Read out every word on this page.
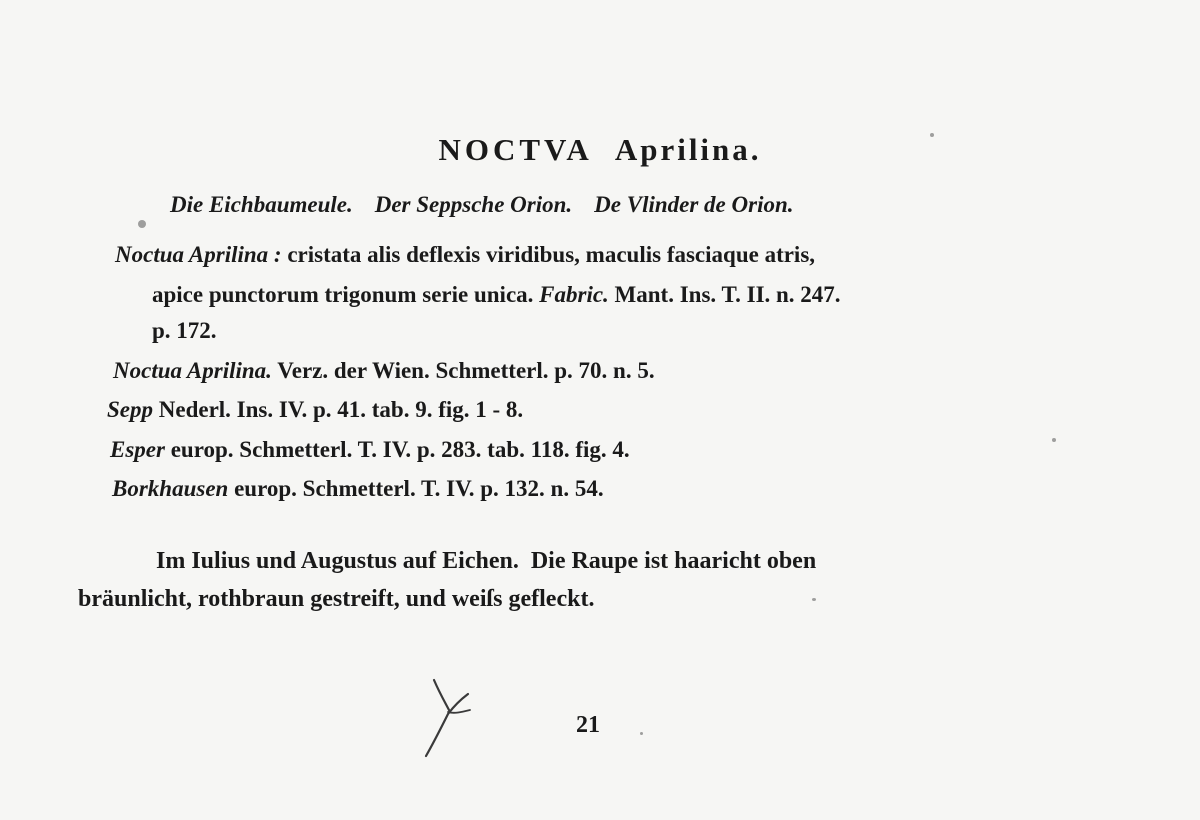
NOCTVA Aprilina.
Die Eichbaumeule. Der Seppsche Orion. De Vlinder de Orion.
Noctua Aprilina : cristata alis deflexis viridibus, maculis fasciaque atris,
apice punctorum trigonum serie unica. Fabric. Mant. Ins. T. II. n. 247.
p. 172.
Noctua Aprilina. Verz. der Wien. Schmetterl. p. 70. n. 5.
Sepp Nederl. Ins. IV. p. 41. tab. 9. fig. 1 - 8.
Esper europ. Schmetterl. T. IV. p. 283. tab. 118. fig. 4.
Borkhausen europ. Schmetterl. T. IV. p. 132. n. 54.
Im Iulius und Augustus auf Eichen.  Die Raupe ist haaricht oben
bräunlicht, rothbraun gestreift, und weiſs gefleckt.
21
